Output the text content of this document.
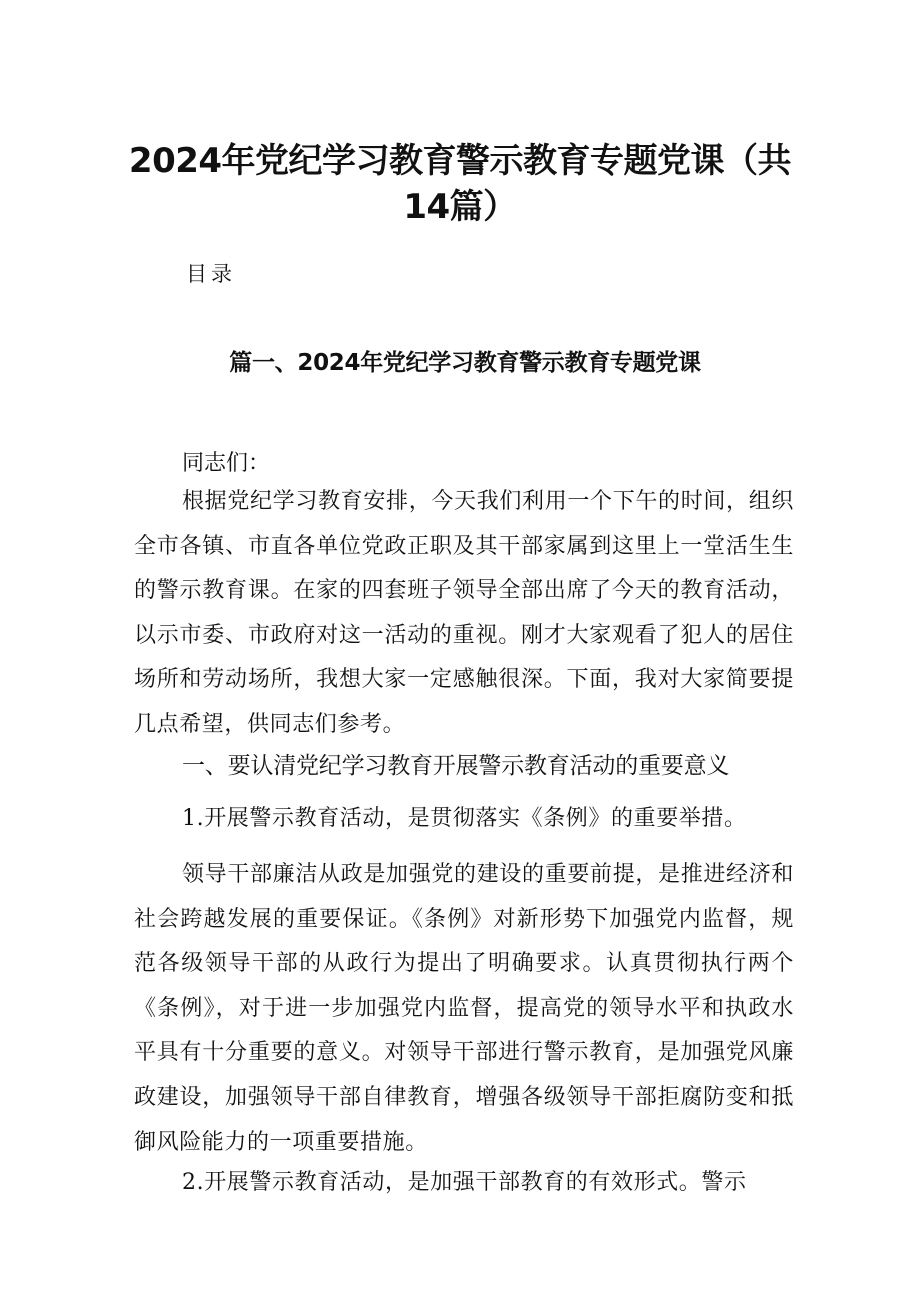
2024年党纪学习教育警示教育专题党课（共14篇）
目录
篇一、2024年党纪学习教育警示教育专题党课
同志们：
根据党纪学习教育安排，今天我们利用一个下午的时间，组织全市各镇、市直各单位党政正职及其干部家属到这里上一堂活生生的警示教育课。在家的四套班子领导全部出席了今天的教育活动，以示市委、市政府对这一活动的重视。刚才大家观看了犯人的居住场所和劳动场所，我想大家一定感触很深。下面，我对大家简要提几点希望，供同志们参考。
一、要认清党纪学习教育开展警示教育活动的重要意义
1.开展警示教育活动，是贯彻落实《条例》的重要举措。
领导干部廉洁从政是加强党的建设的重要前提，是推进经济和社会跨越发展的重要保证。《条例》对新形势下加强党内监督，规范各级领导干部的从政行为提出了明确要求。认真贯彻执行两个《条例》，对于进一步加强党内监督，提高党的领导水平和执政水平具有十分重要的意义。对领导干部进行警示教育，是加强党风廉政建设，加强领导干部自律教育，增强各级领导干部拒腐防变和抵御风险能力的一项重要措施。
2.开展警示教育活动，是加强干部教育的有效形式。警示
